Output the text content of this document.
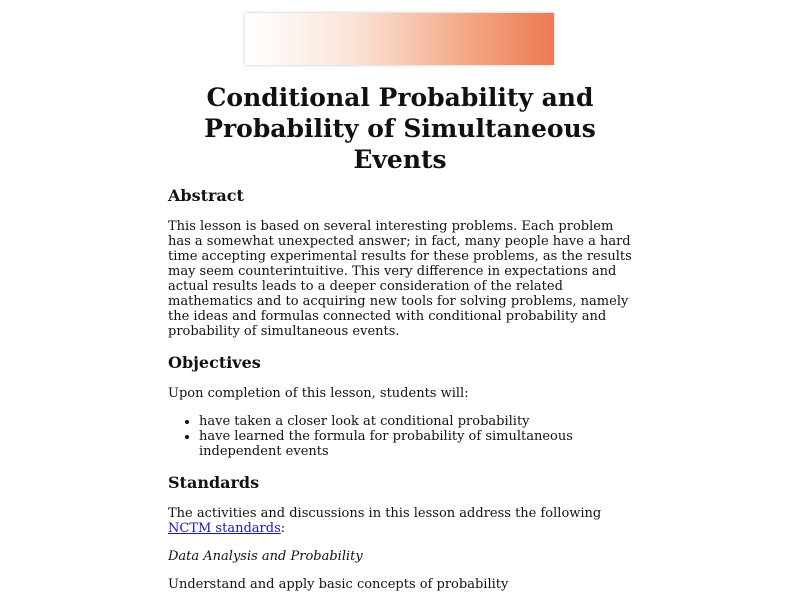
Conditional Probability and Probability of Simultaneous Events
Abstract

This lesson is based on several interesting problems. Each problem has a somewhat unexpected answer; in fact, many people have a hard time accepting experimental results for these problems, as the results may seem counterintuitive. This very difference in expectations and actual results leads to a deeper consideration of the related mathematics and to acquiring new tools for solving problems, namely the ideas and formulas connected with conditional probability and probability of simultaneous events.

Objectives

Upon completion of this lesson, students will:

• have taken a closer look at conditional probability
• have learned the formula for probability of simultaneous independent events
Standards

The activities and discussions in this lesson address the following NCTM standards:

Data Analysis and Probability

Understand and apply basic concepts of probability
